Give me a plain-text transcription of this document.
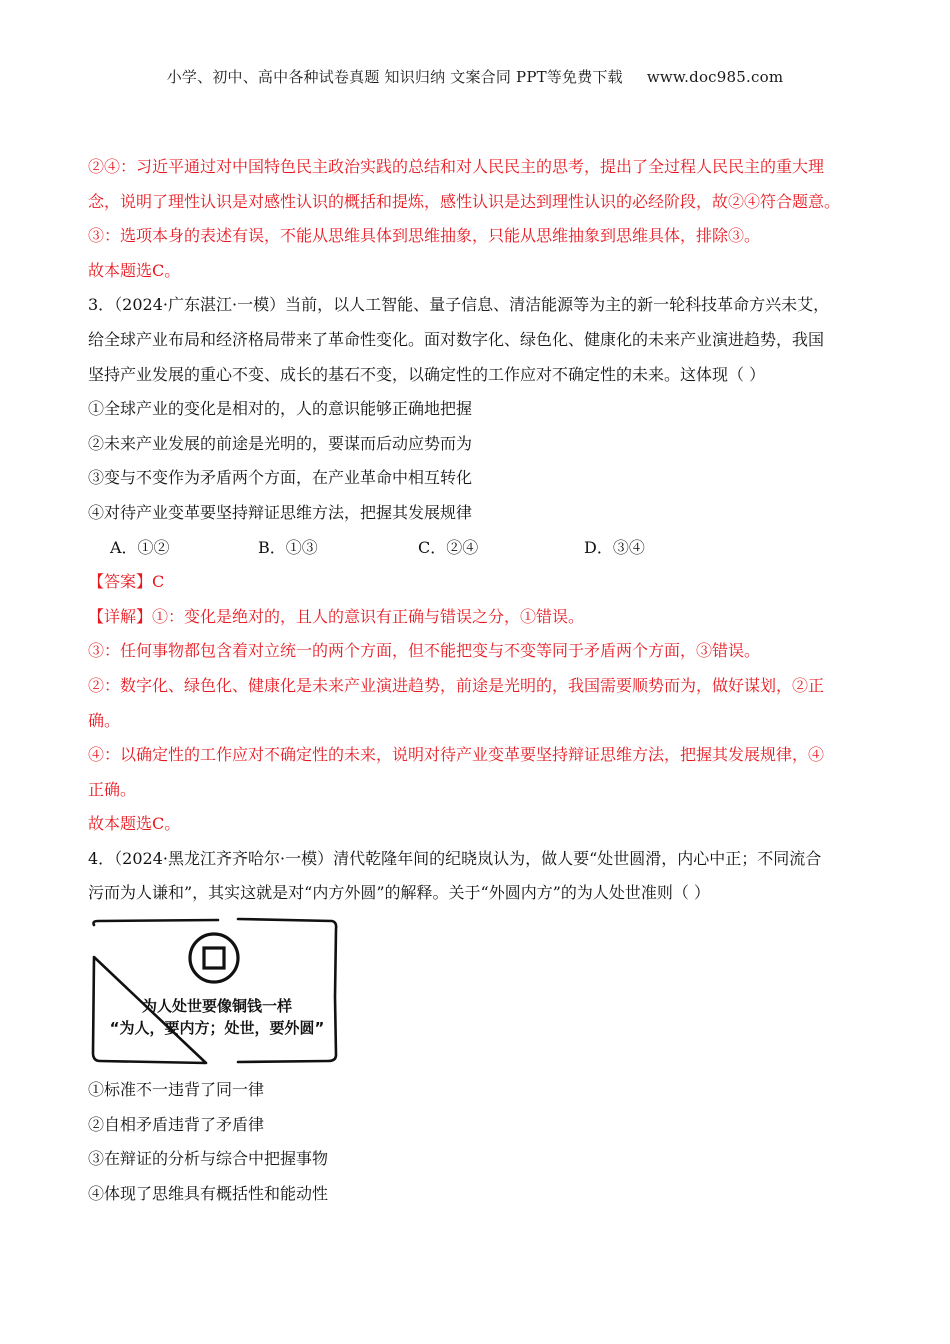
小学、初中、高中各种试卷真题 知识归纳 文案合同 PPT等免费下载 www.doc985.com
②④：习近平通过对中国特色民主政治实践的总结和对人民民主的思考，提出了全过程人民民主的重大理
念，说明了理性认识是对感性认识的概括和提炼，感性认识是达到理性认识的必经阶段，故②④符合题意。
③：选项本身的表述有误，不能从思维具体到思维抽象，只能从思维抽象到思维具体，排除③。
故本题选C。
3．（2024·广东湛江·一模）当前，以人工智能、量子信息、清洁能源等为主的新一轮科技革命方兴未艾，
给全球产业布局和经济格局带来了革命性变化。面对数字化、绿色化、健康化的未来产业演进趋势，我国
坚持产业发展的重心不变、成长的基石不变，以确定性的工作应对不确定性的未来。这体现（ ）
①全球产业的变化是相对的，人的意识能够正确地把握
②未来产业发展的前途是光明的，要谋而后动应势而为
③变与不变作为矛盾两个方面，在产业革命中相互转化
④对待产业变革要坚持辩证思维方法，把握其发展规律
A．①②	B．①③	C．②④	D．③④
【答案】C
【详解】①：变化是绝对的，且人的意识有正确与错误之分，①错误。
③：任何事物都包含着对立统一的两个方面，但不能把变与不变等同于矛盾两个方面，③错误。
②：数字化、绿色化、健康化是未来产业演进趋势，前途是光明的，我国需要顺势而为，做好谋划，②正
确。
④：以确定性的工作应对不确定性的未来，说明对待产业变革要坚持辩证思维方法，把握其发展规律，④
正确。
故本题选C。
4．（2024·黑龙江齐齐哈尔·一模）清代乾隆年间的纪晓岚认为，做人要“处世圆滑，内心中正；不同流合
污而为人谦和”，其实这就是对“内方外圆”的解释。关于“外圆内方”的为人处世准则（ ）
为人处世要像铜钱一样
“为人，要内方；处世，要外圆”
①标准不一违背了同一律
②自相矛盾违背了矛盾律
③在辩证的分析与综合中把握事物
④体现了思维具有概括性和能动性
